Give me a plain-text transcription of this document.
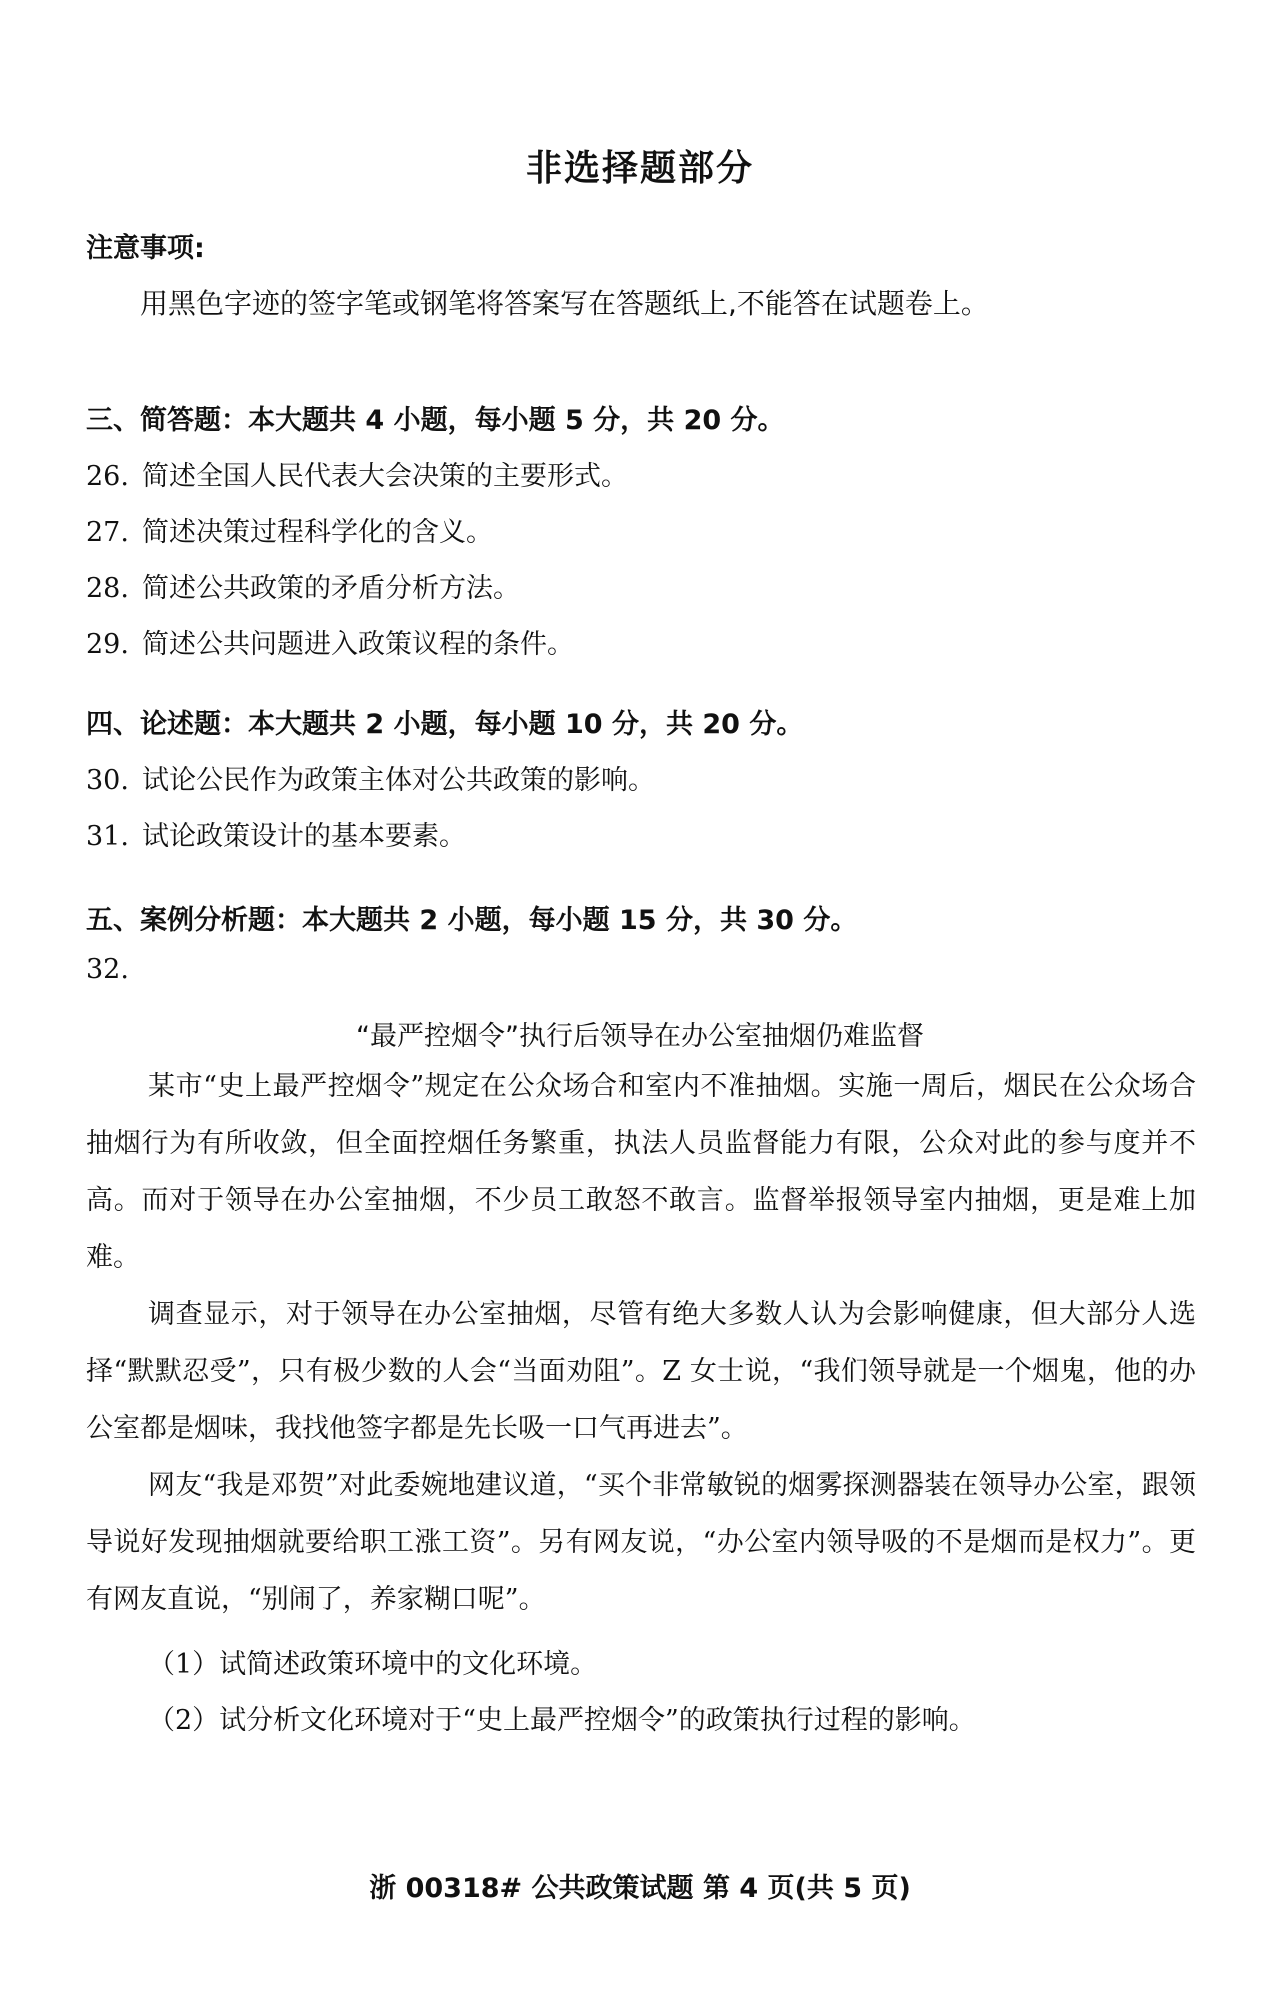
非选择题部分
注意事项:
用黑色字迹的签字笔或钢笔将答案写在答题纸上,不能答在试题卷上。
三、简答题：本大题共 4 小题，每小题 5 分，共 20 分。
26. 简述全国人民代表大会决策的主要形式。
27. 简述决策过程科学化的含义。
28. 简述公共政策的矛盾分析方法。
29. 简述公共问题进入政策议程的条件。
四、论述题：本大题共 2 小题，每小题 10 分，共 20 分。
30. 试论公民作为政策主体对公共政策的影响。
31. 试论政策设计的基本要素。
五、案例分析题：本大题共 2 小题，每小题 15 分，共 30 分。
32.
“最严控烟令”执行后领导在办公室抽烟仍难监督

某市“史上最严控烟令”规定在公众场合和室内不准抽烟。实施一周后，烟民在公众场合抽烟行为有所收敛，但全面控烟任务繁重，执法人员监督能力有限，公众对此的参与度并不高。而对于领导在办公室抽烟，不少员工敢怒不敢言。监督举报领导室内抽烟，更是难上加难。

调查显示，对于领导在办公室抽烟，尽管有绝大多数人认为会影响健康，但大部分人选择“默默忍受”，只有极少数的人会“当面劝阻”。Z 女士说，“我们领导就是一个烟鬼，他的办公室都是烟味，我找他签字都是先长吸一口气再进去”。

网友“我是邓贺”对此委婉地建议道，“买个非常敏锐的烟雾探测器装在领导办公室，跟领导说好发现抽烟就要给职工涨工资”。另有网友说，“办公室内领导吸的不是烟而是权力”。更有网友直说，“别闹了，养家糊口呢”。

（1）试简述政策环境中的文化环境。
（2）试分析文化环境对于“史上最严控烟令”的政策执行过程的影响。
浙 00318# 公共政策试题 第 4 页(共 5 页)
